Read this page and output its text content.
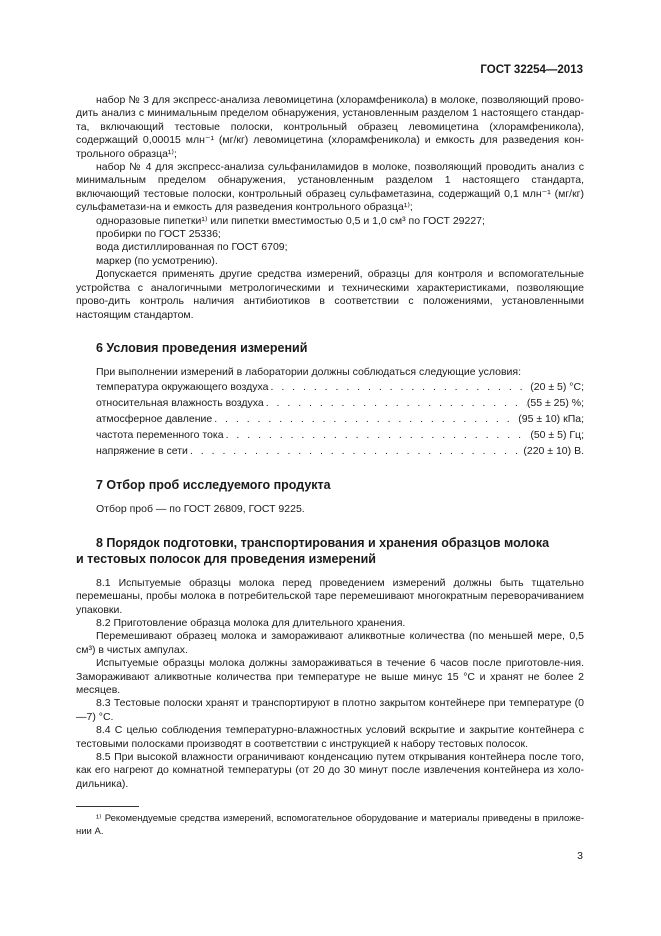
ГОСТ 32254—2013

набор № 3 для экспресс-анализа левомицетина (хлорамфеникола) в молоке, позволяющий прово-дить анализ с минимальным пределом обнаружения, установленным разделом 1 настоящего стандар-та, включающий тестовые полоски, контрольный образец левомицетина (хлорамфеникола), содержащий 0,00015 млн⁻¹ (мг/кг) левомицетина (хлорамфеникола) и емкость для разведения кон-трольного образца¹⁾;

набор № 4 для экспресс-анализа сульфаниламидов в молоке, позволяющий проводить анализ с минимальным пределом обнаружения, установленным разделом 1 настоящего стандарта, включающий тестовые полоски, контрольный образец сульфаметазина, содержащий 0,1 млн⁻¹ (мг/кг) сульфаметази-на и емкость для разведения контрольного образца¹⁾;

одноразовые пипетки¹⁾ или пипетки вместимостью 0,5 и 1,0 см³ по ГОСТ 29227;

пробирки по ГОСТ 25336;

вода дистиллированная по ГОСТ 6709;

маркер (по усмотрению).

Допускается применять другие средства измерений, образцы для контроля и вспомогательные устройства с аналогичными метрологическими и техническими характеристиками, позволяющие прово-дить контроль наличия антибиотиков в соответствии с положениями, установленными настоящим стандартом.

6 Условия проведения измерений

При выполнении измерений в лаборатории должны соблюдаться следующие условия:

температура окружающего воздуха . . .	(20 ± 5) °С;
относительная влажность воздуха . . .	(55 ± 25) %;
атмосферное давление . . .	(95 ± 10) кПа;
частота переменного тока . . .	(50 ± 5) Гц;
напряжение в сети . . .	(220 ± 10) В.

7 Отбор проб исследуемого продукта

Отбор проб — по ГОСТ 26809, ГОСТ 9225.

8 Порядок подготовки, транспортирования и хранения образцов молока
и тестовых полосок для проведения измерений

8.1 Испытуемые образцы молока перед проведением измерений должны быть тщательно перемешаны, пробы молока в потребительской таре перемешивают многократным переворачиванием упаковки.

8.2 Приготовление образца молока для длительного хранения.

Перемешивают образец молока и замораживают аликвотные количества (по меньшей мере, 0,5 см³) в чистых ампулах.

Испытуемые образцы молока должны замораживаться в течение 6 часов после приготовле-ния. Замораживают аликвотные количества при температуре не выше минус 15 °С и хранят не более 2 месяцев.

8.3 Тестовые полоски хранят и транспортируют в плотно закрытом контейнере при температуре (0—7) °С.

8.4 С целью соблюдения температурно-влажностных условий вскрытие и закрытие контейнера с тестовыми полосками производят в соответствии с инструкцией к набору тестовых полосок.

8.5 При высокой влажности ограничивают конденсацию путем открывания контейнера после того, как его нагреют до комнатной температуры (от 20 до 30 минут после извлечения контейнера из холо-дильника).

¹⁾ Рекомендуемые средства измерений, вспомогательное оборудование и материалы приведены в приложе-нии А.
3
